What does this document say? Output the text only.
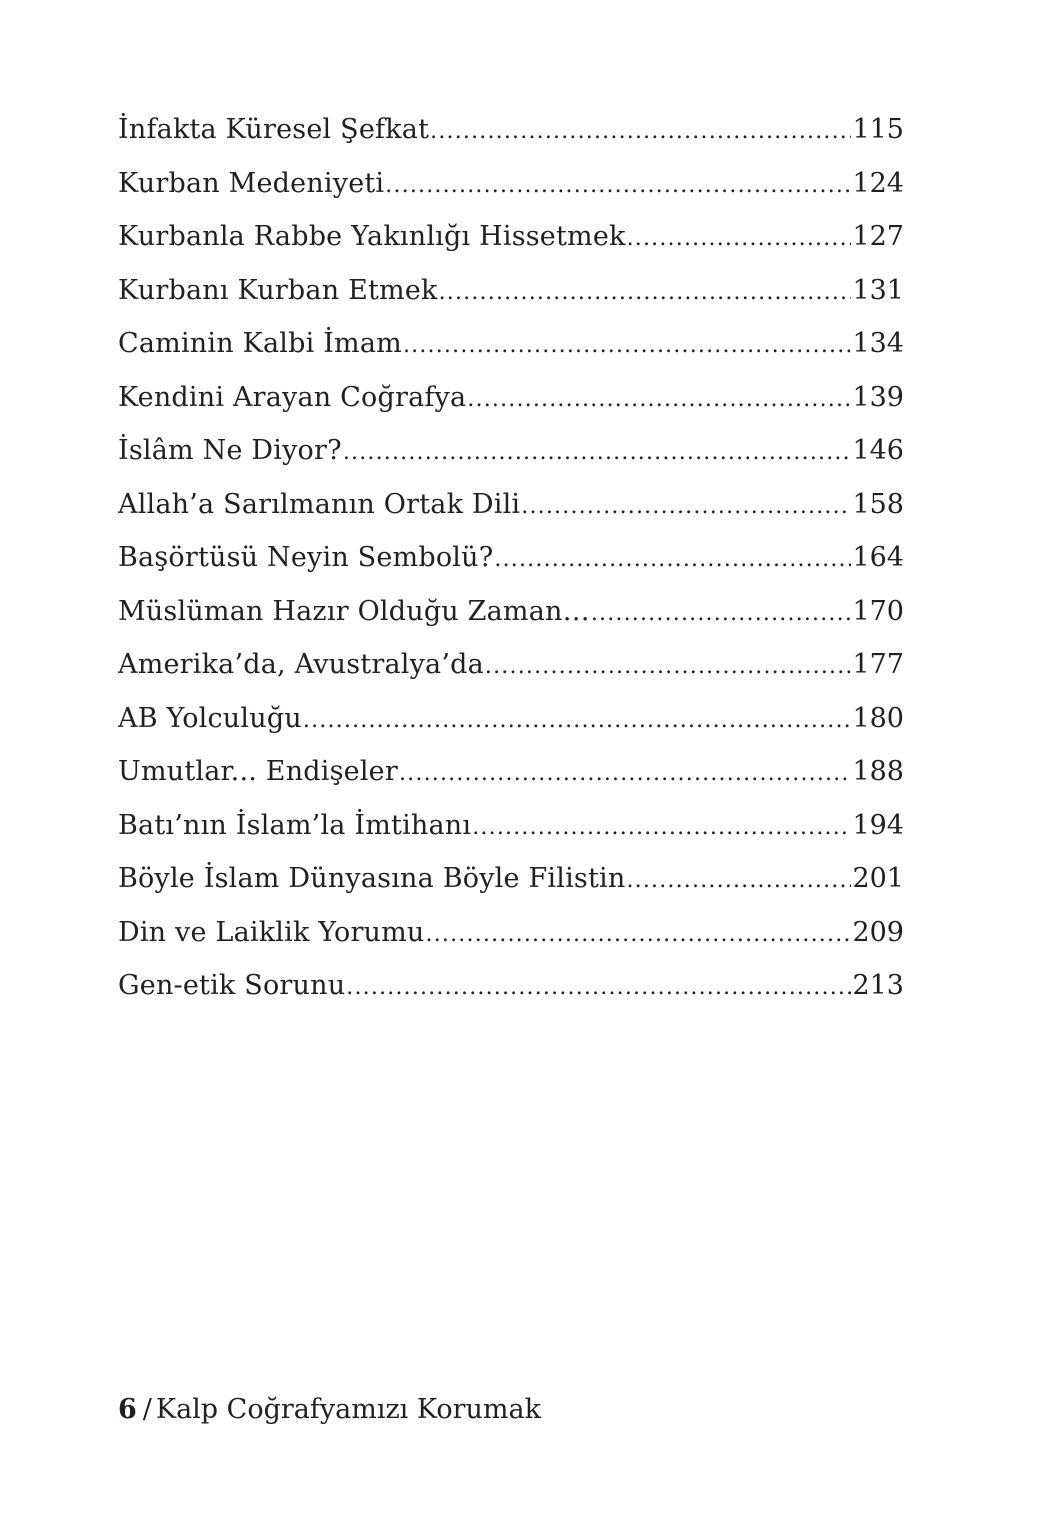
İnfakta Küresel Şefkat .....	115
Kurban Medeniyeti .....	124
Kurbanla Rabbe Yakınlığı Hissetmek .....	127
Kurbanı Kurban Etmek .....	131
Caminin Kalbi İmam .....	134
Kendini Arayan Coğrafya .....	139
İslâm Ne Diyor? .....	146
Allah’a Sarılmanın Ortak Dili .....	158
Başörtüsü Neyin Sembolü? .....	164
Müslüman Hazır Olduğu Zaman… .....	170
Amerika’da, Avustralya’da .....	177
AB Yolculuğu .....	180
Umutlar... Endişeler .....	188
Batı’nın İslam’la İmtihanı .....	194
Böyle İslam Dünyasına Böyle Filistin .....	201
Din ve Laiklik Yorumu .....	209
Gen-etik Sorunu .....	213
6 / Kalp Coğrafyamızı Korumak
